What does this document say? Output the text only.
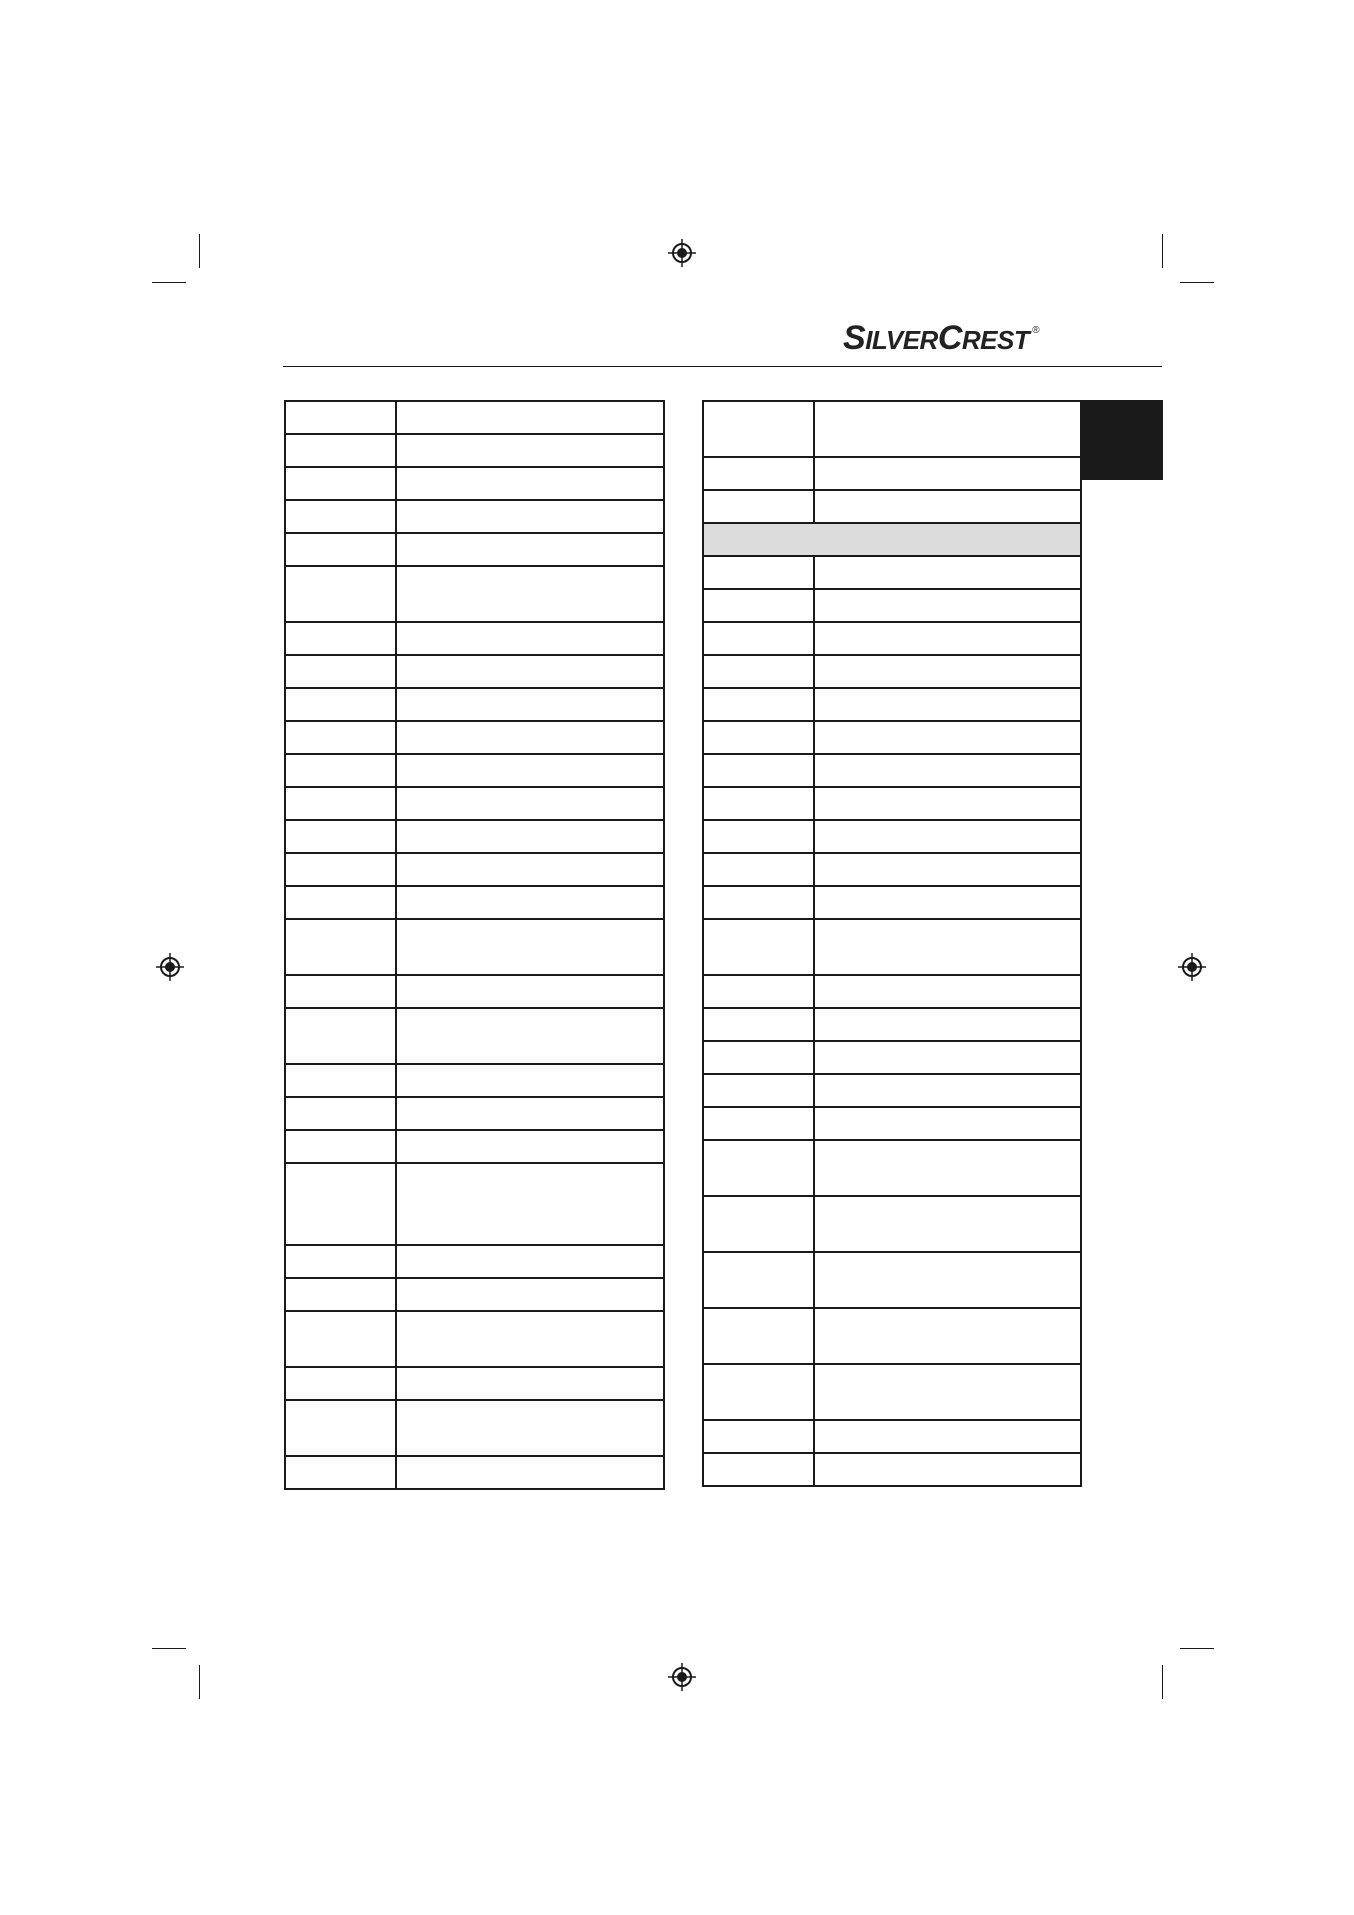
S ILVER C REST ®
